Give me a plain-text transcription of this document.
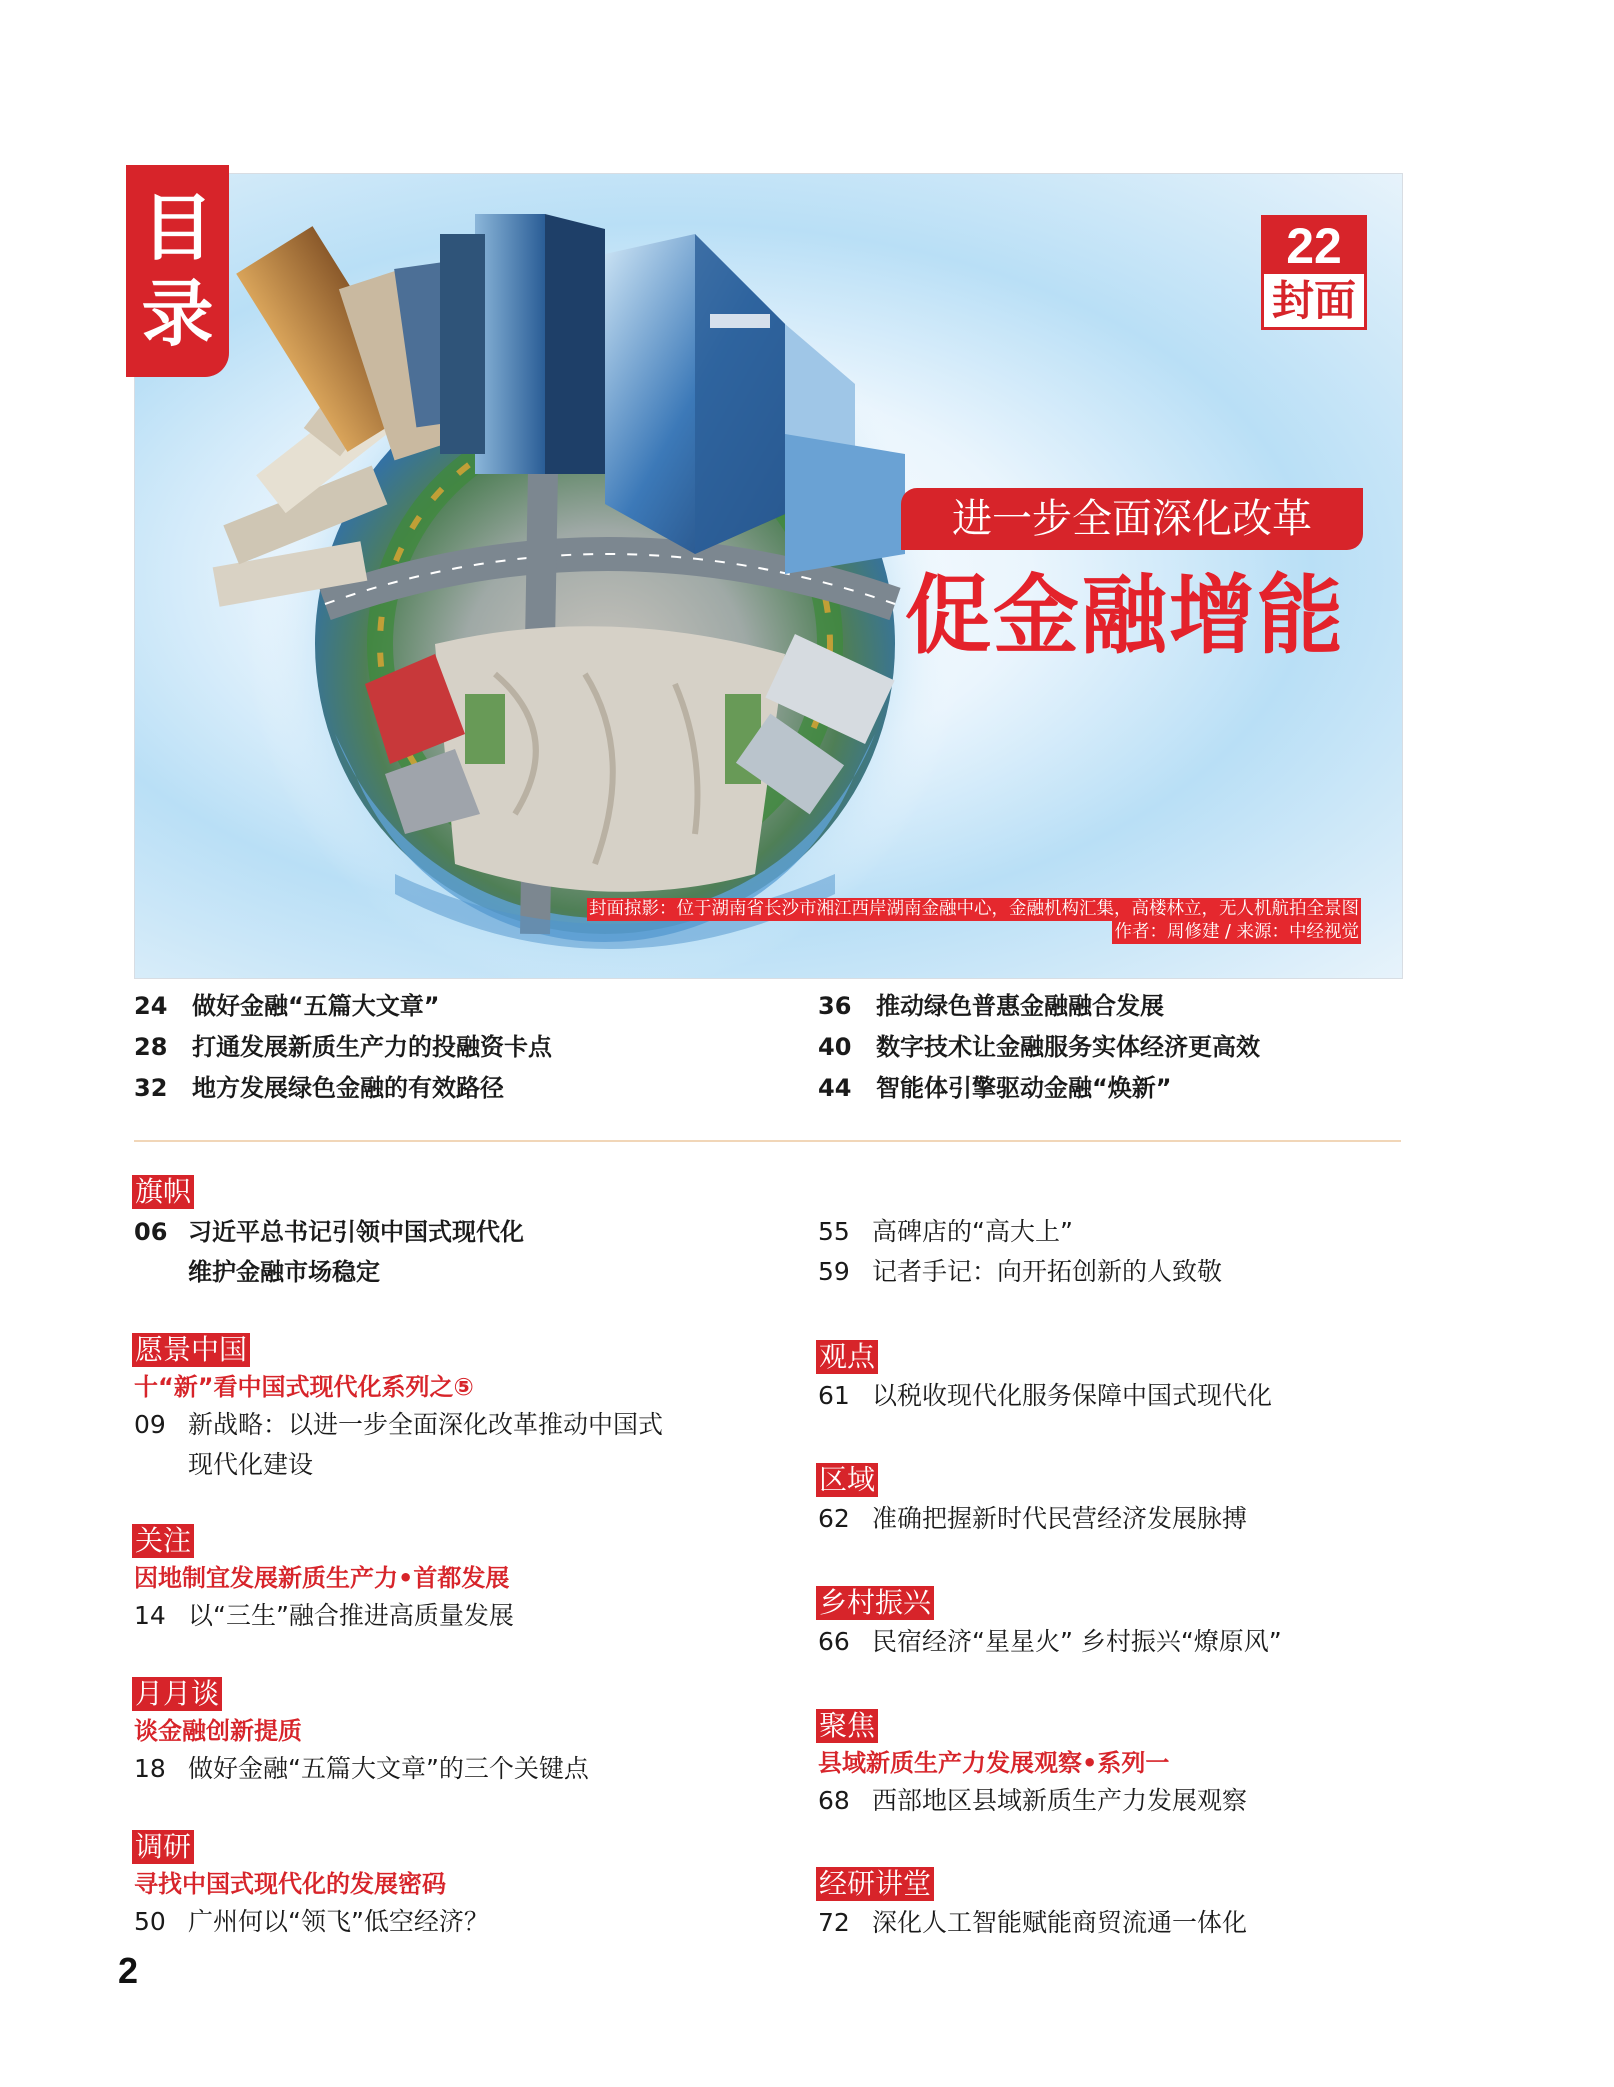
目
录
22
封面
进一步全面深化改革
促金融增能
封面掠影：位于湖南省长沙市湘江西岸湖南金融中心，金融机构汇集，高楼林立，无人机航拍全景图
作者：周修建 / 来源：中经视觉
24 做好金融“五篇大文章”
28 打通发展新质生产力的投融资卡点
32 地方发展绿色金融的有效路径
36 推动绿色普惠金融融合发展
40 数字技术让金融服务实体经济更高效
44 智能体引擎驱动金融“焕新”
旗帜
06 习近平总书记引领中国式现代化
维护金融市场稳定
愿景中国
十“新”看中国式现代化系列之⑤
09 新战略：以进一步全面深化改革推动中国式
现代化建设
关注
因地制宜发展新质生产力•首都发展
14 以“三生”融合推进高质量发展
月月谈
谈金融创新提质
18 做好金融“五篇大文章”的三个关键点
调研
寻找中国式现代化的发展密码
50 广州何以“领飞”低空经济？
55 高碑店的“高大上”
59 记者手记：向开拓创新的人致敬
观点
61 以税收现代化服务保障中国式现代化
区域
62 准确把握新时代民营经济发展脉搏
乡村振兴
66 民宿经济“星星火” 乡村振兴“燎原风”
聚焦
县域新质生产力发展观察•系列一
68 西部地区县域新质生产力发展观察
经研讲堂
72 深化人工智能赋能商贸流通一体化
2
